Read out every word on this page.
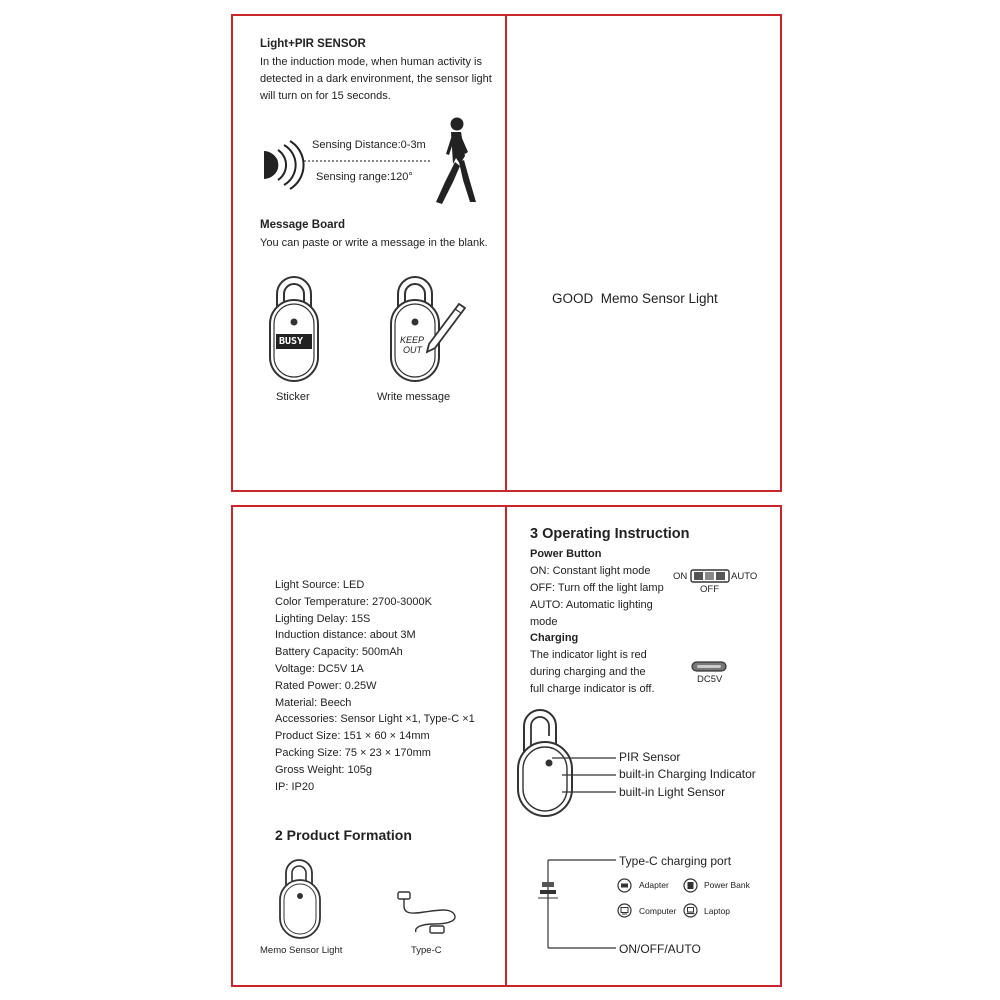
Light+PIR SENSOR
In the induction mode, when human activity is
detected in a dark environment, the sensor light
will turn on for 15 seconds.
Sensing Distance:0-3m
Sensing range:120°
Message Board
You can paste or write a message in the blank.
BUSY	KEEP
OUT
Sticker	Write message
GOOD  Memo Sensor Light
Light Source: LED
Color Temperature: 2700-3000K
Lighting Delay: 15S
Induction distance: about 3M
Battery Capacity: 500mAh
Voltage: DC5V 1A
Rated Power: 0.25W
Material: Beech
Accessories: Sensor Light ×1, Type-C ×1
Product Size: 151 × 60 × 14mm
Packing Size: 75 × 23 × 170mm
Gross Weight: 105g
IP: IP20
2 Product Formation
Memo Sensor Light	Type-C
3 Operating Instruction
Power Button
ON: Constant light mode
OFF: Turn off the light lamp
AUTO: Automatic lighting
mode
ON	AUTO
OFF
Charging
The indicator light is red
during charging and the
full charge indicator is off.
DC5V
PIR Sensor
built-in Charging Indicator
built-in Light Sensor
Type-C charging port
Adapter	Power Bank
Computer	Laptop
ON/OFF/AUTO
